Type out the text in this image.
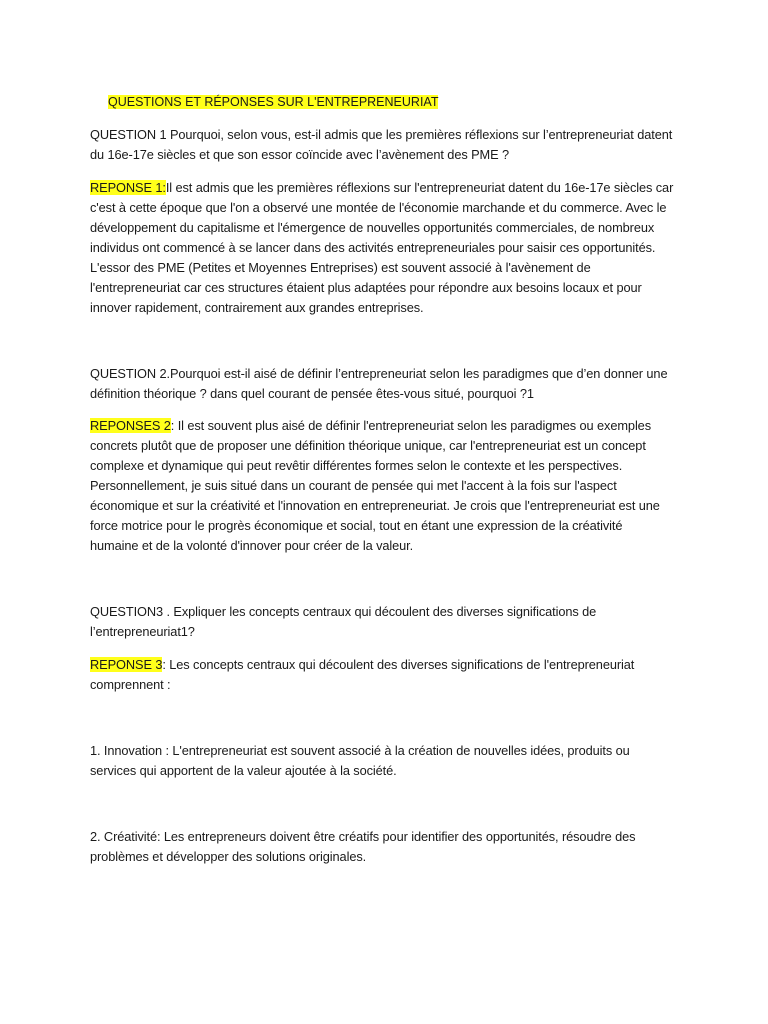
QUESTIONS ET RÉPONSES SUR L'ENTREPRENEURIAT
QUESTION 1 Pourquoi, selon vous, est-il admis que les premières réflexions sur l’entrepreneuriat datent
du 16e-17e siècles et que son essor coïncide avec l’avènement des PME ?
REPONSE 1:Il est admis que les premières réflexions sur l'entrepreneuriat datent du 16e-17e siècles car
c'est à cette époque que l'on a observé une montée de l'économie marchande et du commerce. Avec le
développement du capitalisme et l'émergence de nouvelles opportunités commerciales, de nombreux
individus ont commencé à se lancer dans des activités entrepreneuriales pour saisir ces opportunités.
L'essor des PME (Petites et Moyennes Entreprises) est souvent associé à l'avènement de
l'entrepreneuriat car ces structures étaient plus adaptées pour répondre aux besoins locaux et pour
innover rapidement, contrairement aux grandes entreprises.
QUESTION 2.Pourquoi est-il aisé de définir l’entrepreneuriat selon les paradigmes que d’en donner une
définition théorique ? dans quel courant de pensée êtes-vous situé, pourquoi ?1
REPONSES 2: Il est souvent plus aisé de définir l'entrepreneuriat selon les paradigmes ou exemples
concrets plutôt que de proposer une définition théorique unique, car l'entrepreneuriat est un concept
complexe et dynamique qui peut revêtir différentes formes selon le contexte et les perspectives.
Personnellement, je suis situé dans un courant de pensée qui met l'accent à la fois sur l'aspect
économique et sur la créativité et l'innovation en entrepreneuriat. Je crois que l'entrepreneuriat est une
force motrice pour le progrès économique et social, tout en étant une expression de la créativité
humaine et de la volonté d'innover pour créer de la valeur.
QUESTION3 . Expliquer les concepts centraux qui découlent des diverses significations de
l’entrepreneuriat1?
REPONSE 3: Les concepts centraux qui découlent des diverses significations de l'entrepreneuriat
comprennent :
1. Innovation : L'entrepreneuriat est souvent associé à la création de nouvelles idées, produits ou
services qui apportent de la valeur ajoutée à la société.
2. Créativité: Les entrepreneurs doivent être créatifs pour identifier des opportunités, résoudre des
problèmes et développer des solutions originales.
